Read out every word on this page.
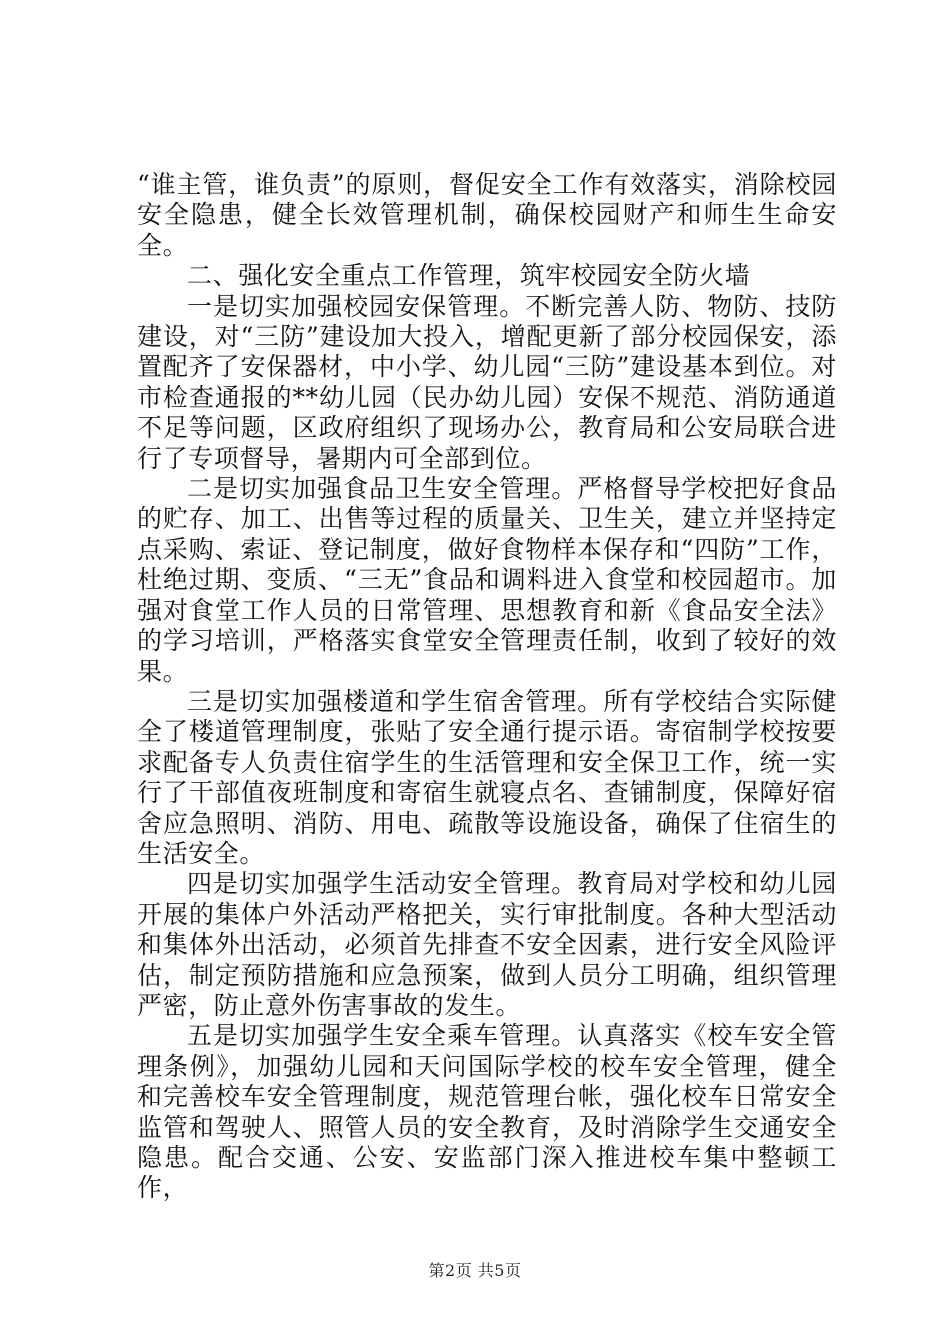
“谁主管，谁负责”的原则，督促安全工作有效落实，消除校园安全隐患，健全长效管理机制，确保校园财产和师生生命安全。

二、强化安全重点工作管理，筑牢校园安全防火墙

一是切实加强校园安保管理。不断完善人防、物防、技防建设，对“三防”建设加大投入，增配更新了部分校园保安，添置配齐了安保器材，中小学、幼儿园“三防”建设基本到位。对市检查通报的**幼儿园（民办幼儿园）安保不规范、消防通道不足等问题，区政府组织了现场办公，教育局和公安局联合进行了专项督导，暑期内可全部到位。

二是切实加强食品卫生安全管理。严格督导学校把好食品的贮存、加工、出售等过程的质量关、卫生关，建立并坚持定点采购、索证、登记制度，做好食物样本保存和“四防”工作，杜绝过期、变质、“三无”食品和调料进入食堂和校园超市。加强对食堂工作人员的日常管理、思想教育和新《食品安全法》的学习培训，严格落实食堂安全管理责任制，收到了较好的效果。

三是切实加强楼道和学生宿舍管理。所有学校结合实际健全了楼道管理制度，张贴了安全通行提示语。寄宿制学校按要求配备专人负责住宿学生的生活管理和安全保卫工作，统一实行了干部值夜班制度和寄宿生就寝点名、查铺制度，保障好宿舍应急照明、消防、用电、疏散等设施设备，确保了住宿生的生活安全。

四是切实加强学生活动安全管理。教育局对学校和幼儿园开展的集体户外活动严格把关，实行审批制度。各种大型活动和集体外出活动，必须首先排查不安全因素，进行安全风险评估，制定预防措施和应急预案，做到人员分工明确，组织管理严密，防止意外伤害事故的发生。

五是切实加强学生安全乘车管理。认真落实《校车安全管理条例》，加强幼儿园和天问国际学校的校车安全管理，健全和完善校车安全管理制度，规范管理台帐，强化校车日常安全监管和驾驶人、照管人员的安全教育，及时消除学生交通安全隐患。配合交通、公安、安监部门深入推进校车集中整顿工作，

第2页 共5页
